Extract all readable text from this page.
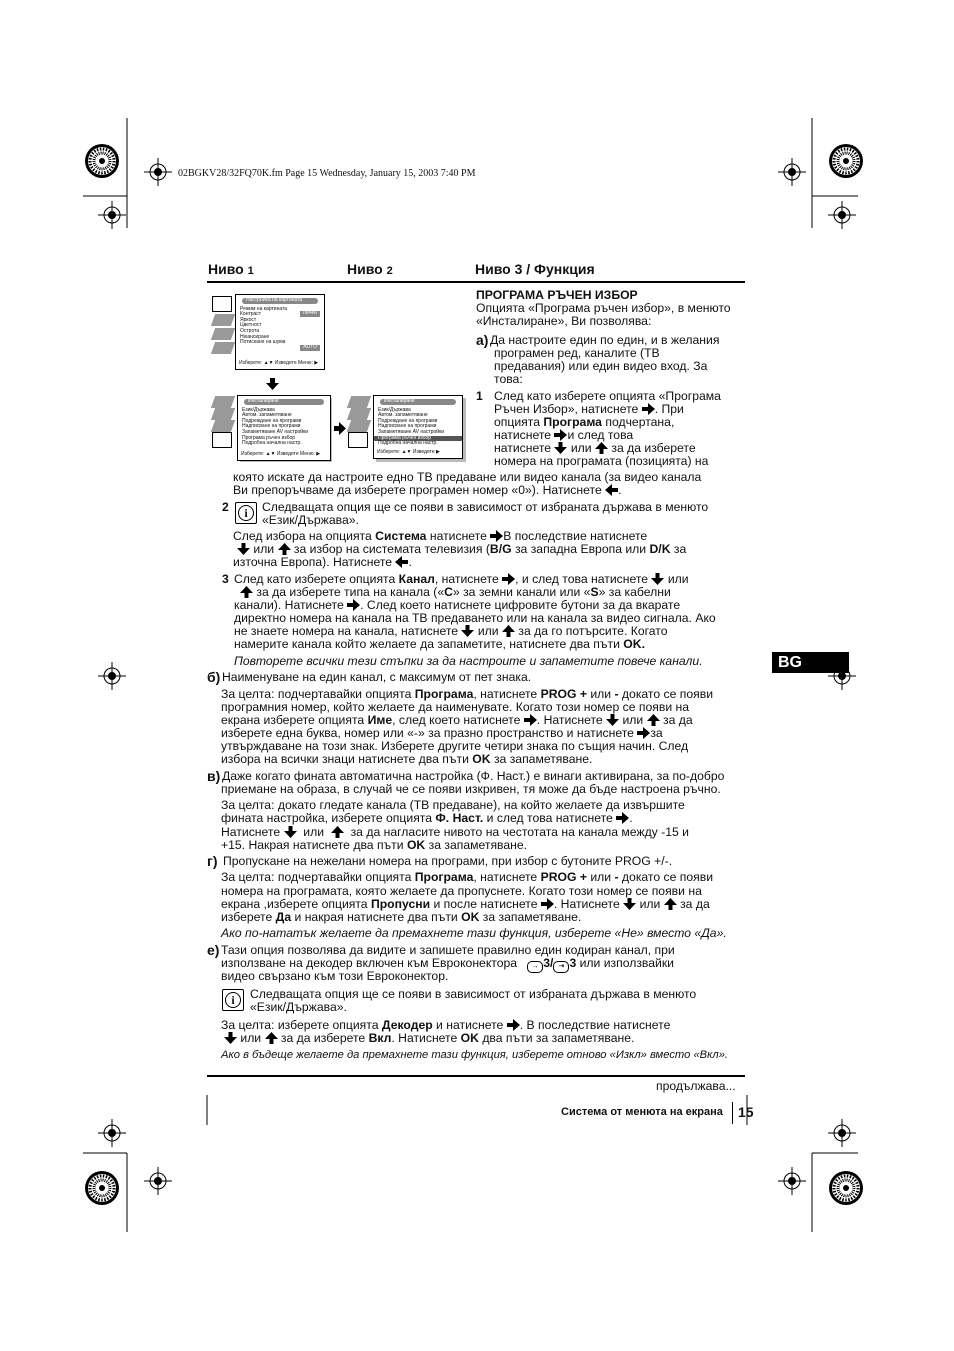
02BGKV28/32FQ70K.fm Page 15 Wednesday, January 15, 2003 7:40 PM
Ниво 1	Ниво 2	Ниво 3 / Функция
Настройка на картината
Режим на картината
Контраст
Яркост
Цветност
Острота
Нюансиране
Потискане на шума
Личен
AUTO
Изберете: ▲▼ Изведете Меню: ▶
Инсталиране
Език/Държава
Автом. запаметяване
Подреждане на програми
Надписване на програми
Запаметяване AV настройки
Програма ръчен избор
Подробна начална настр.
Изберете: ▲▼ Изведете Меню: ▶
Инсталиране
Език/Държава
Автом. запаметяване
Подреждане на програми
Надписване на програми
Запаметяване AV настройки
Програма ръчен избор
Подробна начална настр.
Изберете: ▲▼ Изведете ▶
ПРОГРАМА РЪЧЕН ИЗБОР
Опцията «Програма ръчен избор», в менюто
«Инсталиране», Ви позволява:
a) Да настроите един по един, и в желания
програмен ред, каналите (ТВ
предавания) или един видео вход. За
това:
1 След като изберете опцията «Програма
Ръчен Избор», натиснете . При
опцията Програма подчертана,
натиснете и след това
натиснете или за да изберете
номера на програмата (позицията) на
която искате да настроите едно ТВ предаване или видео канала (за видео канала
Ви препоръчваме да изберете програмен номер «0»). Натиснете .
2	i	Следващата опция ще се появи в зависимост от избраната държава в менюто
«Език/Държава».
След избора на опцията Система натиснете В последствие натиснете
или за избор на системата телевизия (B/G за западна Европа или D/K за
източна Европа). Натиснете .
3 След като изберете опцията Канал, натиснете , и след това натиснете или
за да изберете типа на канала («C» за земни канали или «S» за кабелни
канали). Натиснете . След което натиснете цифровите бутони за да вкарате
директно номера на канала на ТВ предаването или на канала за видео сигнала. Ако
не знаете номера на канала, натиснете или за да го потърсите. Когато
намерите канала който желаете да запаметите, натиснете два пъти OK.
Повторете всички тези стъпки за да настроите и запаметите повече канали.
б) Наименуване на един канал, с максимум от пет знака.
За целта: подчертавайки опцията Програма, натиснете PROG + или - докато се появи
програмния номер, който желаете да наименувате. Когато този номер се появи на
екрана изберете опцията Име, след което натиснете . Натиснете или за да
изберете една буква, номер или «-» за празно пространство и натиснете за
утвърждаване на този знак. Изберете другите четири знака по същия начин. След
избора на всички знаци натиснете два пъти OK за запаметяване.
в) Даже когато фината автоматична настройка (Ф. Наст.) е винаги активирана, за по-добро
приемане на образа, в случай че се появи изкривен, тя може да бъде настроена ръчно.
За целта: докато гледате канала (ТВ предаване), на който желаете да извършите
фината настройка, изберете опцията Ф. Наст. и след това натиснете .
Натиснете или за да нагласите нивото на честотата на канала между -15 и
+15. Накрая натиснете два пъти OK за запаметяване.
г) Пропускане на нежелани номера на програми, при избор с бутоните PROG +/-.
За целта: подчертавайки опцията Програма, натиснете PROG + или - докато се появи
номера на програмата, която желаете да пропуснете. Когато този номер се появи на
екрана ,изберете опцията Пропусни и после натиснете . Натиснете или за да
изберете Да и накрая натиснете два пъти OK за запаметяване.
Ако по-нататък желаете да премахнете тази функция, изберете «Не» вместо «Да».
е) Тази опция позволява да видите и запишете правилно един кодиран канал, при
използване на декодер включен към Евроконектора → 3/ ⇥ 3 или използвайки
видео свързано към този Евроконектор.
i	Следващата опция ще се появи в зависимост от избраната държава в менюто
«Език/Държава».
За целта: изберете опцията Декодер и натиснете . В последствие натиснете
или за да изберете Вкл. Натиснете OK два пъти за запаметяване.
Ако в бъдеще желаете да премахнете тази функция, изберете отново «Изкл» вместо «Вкл».
продължава...
Система от менюта на екрана 15
BG
